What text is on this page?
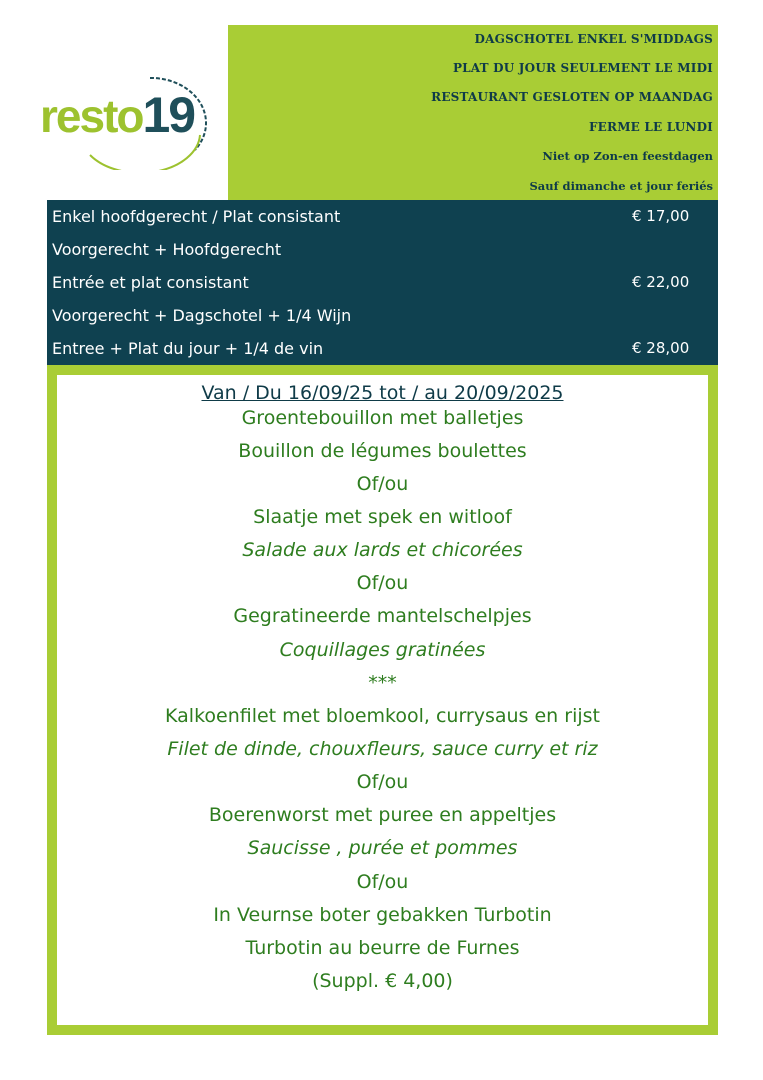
resto19
DAGSCHOTEL ENKEL S'MIDDAGS
PLAT DU JOUR SEULEMENT LE MIDI
RESTAURANT GESLOTEN OP MAANDAG
FERME LE LUNDI
Niet op Zon-en feestdagen
Sauf dimanche et jour feriés
Enkel hoofdgerecht / Plat consistant	€ 17,00
Voorgerecht + Hoofdgerecht
Entrée et plat consistant	€ 22,00
Voorgerecht + Dagschotel + 1/4 Wijn
Entree + Plat du jour + 1/4 de vin	€ 28,00
Van / Du 16/09/25 tot / au 20/09/2025
Groentebouillon met balletjes
Bouillon de légumes boulettes
Of/ou
Slaatje met spek en witloof
Salade aux lards et chicorées
Of/ou
Gegratineerde mantelschelpjes
Coquillages gratinées
***
Kalkoenfilet met bloemkool, currysaus en rijst
Filet de dinde, chouxfleurs, sauce curry et riz
Of/ou
Boerenworst met puree en appeltjes
Saucisse , purée et pommes
Of/ou
In Veurnse boter gebakken Turbotin
Turbotin au beurre de Furnes
(Suppl. € 4,00)
